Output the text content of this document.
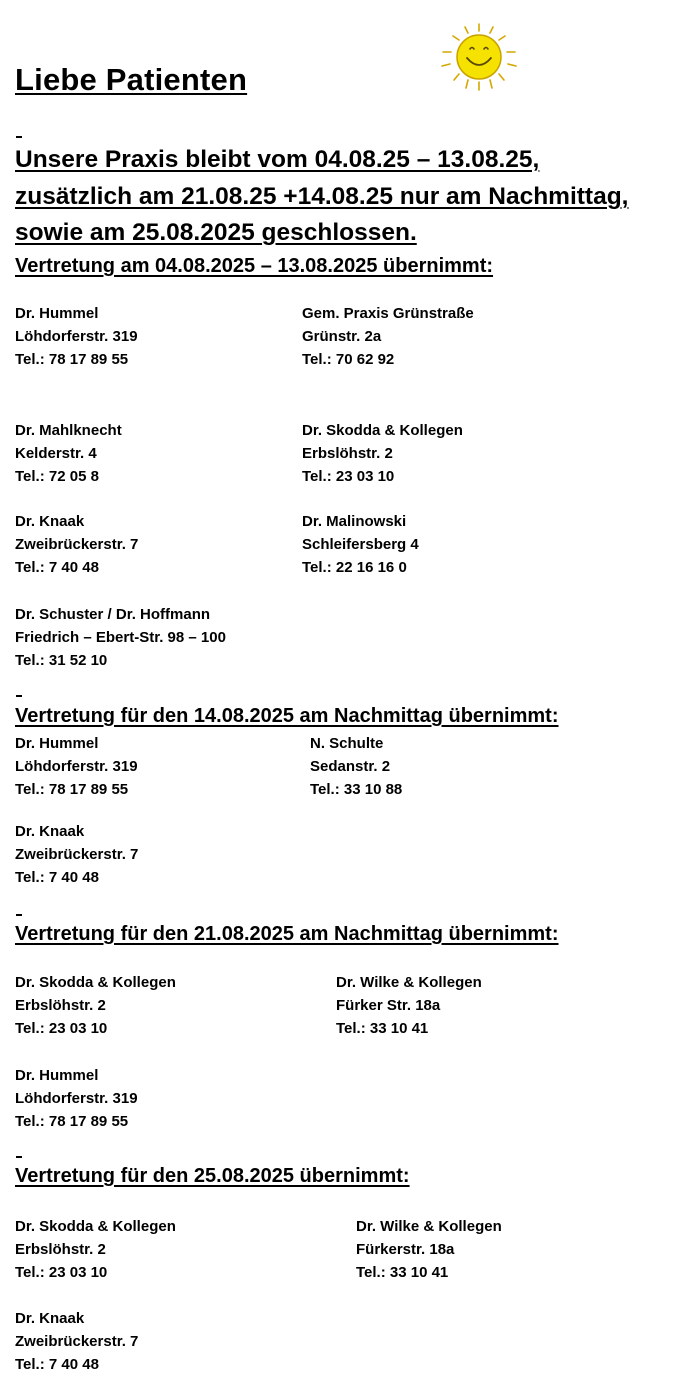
Liebe Patienten
Unsere Praxis bleibt vom 04.08.25 – 13.08.25,
zusätzlich am 21.08.25 +14.08.25 nur am Nachmittag,
sowie am 25.08.2025 geschlossen.
Vertretung am 04.08.2025 – 13.08.2025 übernimmt:
Dr. Hummel
Löhdorferstr. 319
Tel.: 78 17 89 55
Gem. Praxis Grünstraße
Grünstr. 2a
Tel.: 70 62 92
Dr. Mahlknecht
Kelderstr. 4
Tel.: 72 05 8
Dr. Skodda & Kollegen
Erbslöhstr. 2
Tel.: 23 03 10
Dr. Knaak
Zweibrückerstr. 7
Tel.: 7 40 48
Dr. Malinowski
Schleifersberg 4
Tel.: 22 16 16 0
Dr. Schuster / Dr. Hoffmann
Friedrich – Ebert-Str. 98 – 100
Tel.: 31 52 10
Vertretung für den 14.08.2025 am Nachmittag übernimmt:
Dr. Hummel
Löhdorferstr. 319
Tel.: 78 17 89 55
N. Schulte
Sedanstr. 2
Tel.: 33 10 88
Dr. Knaak
Zweibrückerstr. 7
Tel.: 7 40 48
Vertretung für den 21.08.2025 am Nachmittag übernimmt:
Dr. Skodda & Kollegen
Erbslöhstr. 2
Tel.: 23 03 10
Dr. Wilke & Kollegen
Fürker Str. 18a
Tel.: 33 10 41
Dr. Hummel
Löhdorferstr. 319
Tel.: 78 17 89 55
Vertretung für den 25.08.2025 übernimmt:
Dr. Skodda & Kollegen
Erbslöhstr. 2
Tel.: 23 03 10
Dr. Wilke & Kollegen
Fürkerstr. 18a
Tel.: 33 10 41
Dr. Knaak
Zweibrückerstr. 7
Tel.: 7 40 48
